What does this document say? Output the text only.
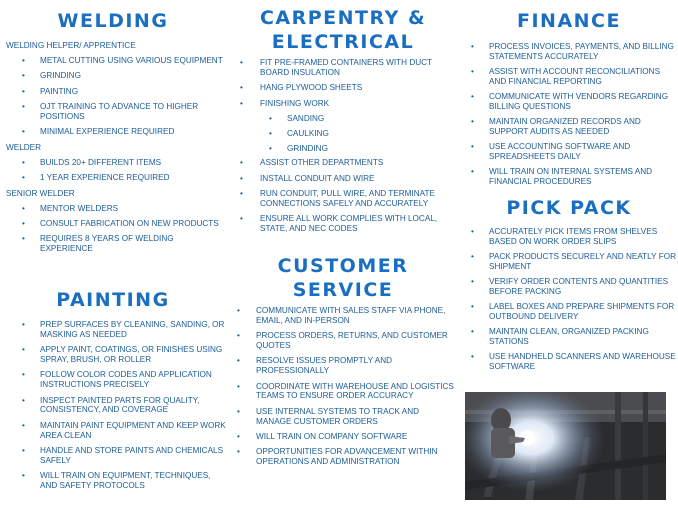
WELDING
WELDING HELPER/ APPRENTICE
• METAL CUTTING USING VARIOUS EQUIPMENT
• GRINDING
• PAINTING
• OJT TRAINING TO ADVANCE TO HIGHER POSITIONS
• MINIMAL EXPERIENCE REQUIRED
WELDER
• BUILDS 20+ DIFFERENT ITEMS
• 1 YEAR EXPERIENCE REQUIRED
SENIOR WELDER
• MENTOR WELDERS
• CONSULT FABRICATION ON NEW PRODUCTS
• REQUIRES 8 YEARS OF WELDING EXPERIENCE
PAINTING
• PREP SURFACES BY CLEANING, SANDING, OR MASKING AS NEEDED
• APPLY PAINT, COATINGS, OR FINISHES USING SPRAY, BRUSH, OR ROLLER
• FOLLOW COLOR CODES AND APPLICATION INSTRUCTIONS PRECISELY
• INSPECT PAINTED PARTS FOR QUALITY, CONSISTENCY, AND COVERAGE
• MAINTAIN PAINT EQUIPMENT AND KEEP WORK AREA CLEAN
• HANDLE AND STORE PAINTS AND CHEMICALS SAFELY
• WILL TRAIN ON EQUIPMENT, TECHNIQUES, AND SAFETY PROTOCOLS
CARPENTRY &
ELECTRICAL
• FIT PRE-FRAMED CONTAINERS WITH DUCT BOARD INSULATION
• HANG PLYWOOD SHEETS
• FINISHING WORK
• SANDING
• CAULKING
• GRINDING
• ASSIST OTHER DEPARTMENTS
• INSTALL CONDUIT AND WIRE
• RUN CONDUIT, PULL WIRE, AND TERMINATE CONNECTIONS SAFELY AND ACCURATELY
• ENSURE ALL WORK COMPLIES WITH LOCAL, STATE, AND NEC CODES
CUSTOMER
SERVICE
• COMMUNICATE WITH SALES STAFF VIA PHONE, EMAIL, AND IN-PERSON
• PROCESS ORDERS, RETURNS, AND CUSTOMER QUOTES
• RESOLVE ISSUES PROMPTLY AND PROFESSIONALLY
• COORDINATE WITH WAREHOUSE AND LOGISTICS TEAMS TO ENSURE ORDER ACCURACY
• USE INTERNAL SYSTEMS TO TRACK AND MANAGE CUSTOMER ORDERS
• WILL TRAIN ON COMPANY SOFTWARE
• OPPORTUNITIES FOR ADVANCEMENT WITHIN OPERATIONS AND ADMINISTRATION
FINANCE
• PROCESS INVOICES, PAYMENTS, AND BILLING STATEMENTS ACCURATELY
• ASSIST WITH ACCOUNT RECONCILIATIONS AND FINANCIAL REPORTING
• COMMUNICATE WITH VENDORS REGARDING BILLING QUESTIONS
• MAINTAIN ORGANIZED RECORDS AND SUPPORT AUDITS AS NEEDED
• USE ACCOUNTING SOFTWARE AND SPREADSHEETS DAILY
• WILL TRAIN ON INTERNAL SYSTEMS AND FINANCIAL PROCEDURES
PICK PACK
• ACCURATELY PICK ITEMS FROM SHELVES BASED ON WORK ORDER SLIPS
• PACK PRODUCTS SECURELY AND NEATLY FOR SHIPMENT
• VERIFY ORDER CONTENTS AND QUANTITIES BEFORE PACKING
• LABEL BOXES AND PREPARE SHIPMENTS FOR OUTBOUND DELIVERY
• MAINTAIN CLEAN, ORGANIZED PACKING STATIONS
• USE HANDHELD SCANNERS AND WAREHOUSE SOFTWARE
